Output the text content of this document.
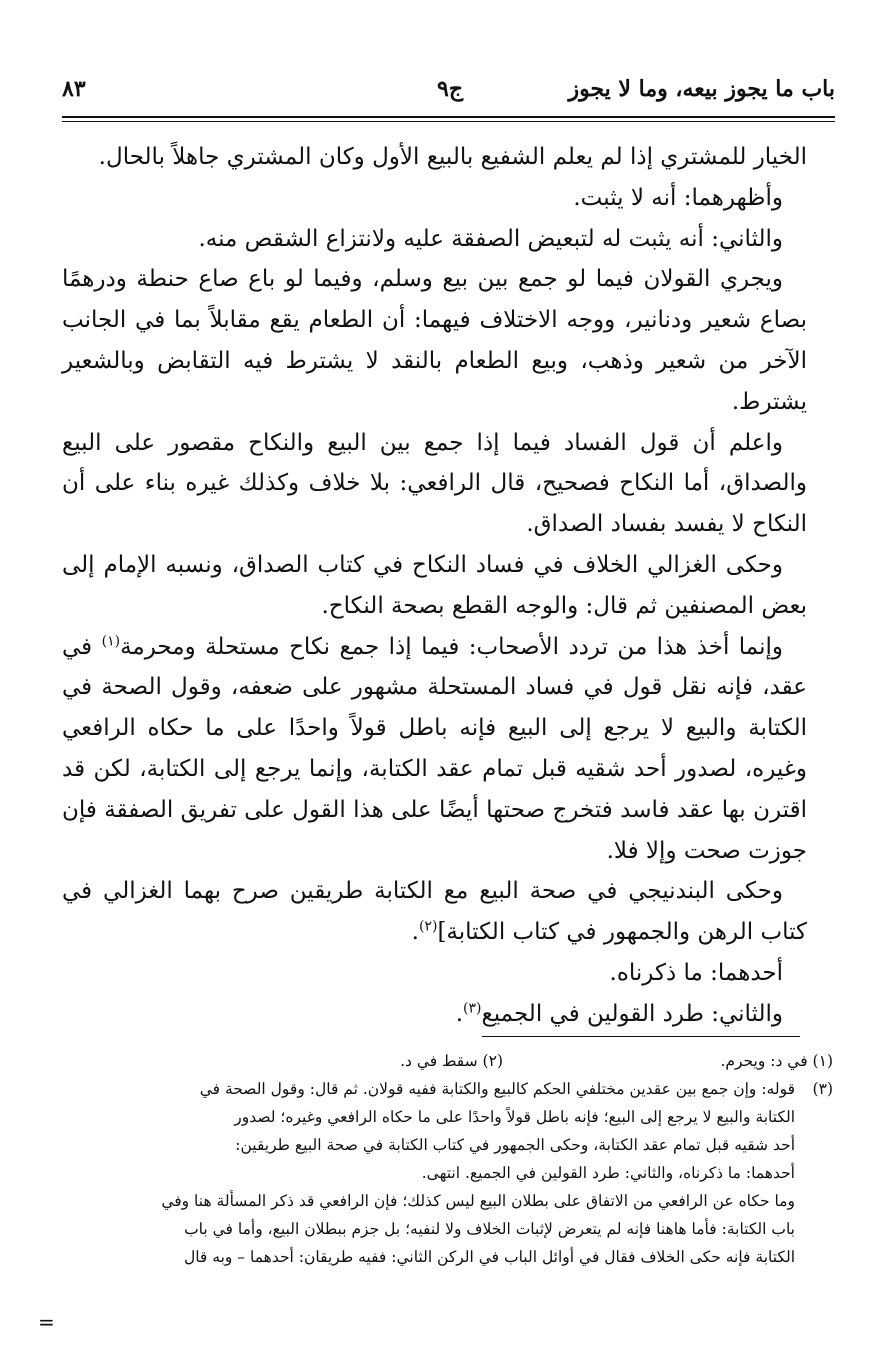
باب ما يجوز بيعه، وما لا يجوز
ج٩
٨٣

الخيار للمشتري إذا لم يعلم الشفيع بالبيع الأول وكان المشتري جاهلاً بالحال.

وأظهرهما: أنه لا يثبت.

والثاني: أنه يثبت له لتبعيض الصفقة عليه ولانتزاع الشقص منه.

ويجري القولان فيما لو جمع بين بيع وسلم، وفيما لو باع صاع حنطة ودرهمًا بصاع شعير ودنانير، ووجه الاختلاف فيهما: أن الطعام يقع مقابلاً بما في الجانب الآخر من شعير وذهب، وبيع الطعام بالنقد لا يشترط فيه التقابض وبالشعير يشترط.

واعلم أن قول الفساد فيما إذا جمع بين البيع والنكاح مقصور على البيع والصداق، أما النكاح فصحيح، قال الرافعي: بلا خلاف وكذلك غيره بناء على أن النكاح لا يفسد بفساد الصداق.

وحكى الغزالي الخلاف في فساد النكاح في كتاب الصداق، ونسبه الإمام إلى بعض المصنفين ثم قال: والوجه القطع بصحة النكاح.

وإنما أخذ هذا من تردد الأصحاب: فيما إذا جمع نكاح مستحلة ومحرمة$^{(١)}$ في عقد، فإنه نقل قول في فساد المستحلة مشهور على ضعفه، وقول الصحة في الكتابة والبيع لا يرجع إلى البيع فإنه باطل قولاً واحدًا على ما حكاه الرافعي وغيره، لصدور أحد شقيه قبل تمام عقد الكتابة، وإنما يرجع إلى الكتابة، لكن قد اقترن بها عقد فاسد فتخرج صحتها أيضًا على هذا القول على تفريق الصفقة فإن جوزت صحت وإلا فلا.

وحكى البندنيجي في صحة البيع مع الكتابة طريقين صرح بهما الغزالي في كتاب الرهن والجمهور في كتاب الكتابة]$^{(٢)}$.

أحدهما: ما ذكرناه.

والثاني: طرد القولين في الجميع$^{(٣)}$.

(١) في د: ويحرم.
(٢) سقط في د.
(٣)
قوله: وإن جمع بين عقدين مختلفي الحكم كالبيع والكتابة ففيه قولان. ثم قال: وقول الصحة في
الكتابة والبيع لا يرجع إلى البيع؛ فإنه باطل قولاً واحدًا على ما حكاه الرافعي وغيره؛ لصدور
أحد شقيه قبل تمام عقد الكتابة، وحكى الجمهور في كتاب الكتابة في صحة البيع طريقين:
أحدهما: ما ذكرناه، والثاني: طرد القولين في الجميع. انتهى.
وما حكاه عن الرافعي من الاتفاق على بطلان البيع ليس كذلك؛ فإن الرافعي قد ذكر المسألة هنا وفي
باب الكتابة: فأما هاهنا فإنه لم يتعرض لإثبات الخلاف ولا لنفيه؛ بل جزم ببطلان البيع، وأما في باب
الكتابة فإنه حكى الخلاف فقال في أوائل الباب في الركن الثاني: ففيه طريقان: أحدهما – وبه قال
=
